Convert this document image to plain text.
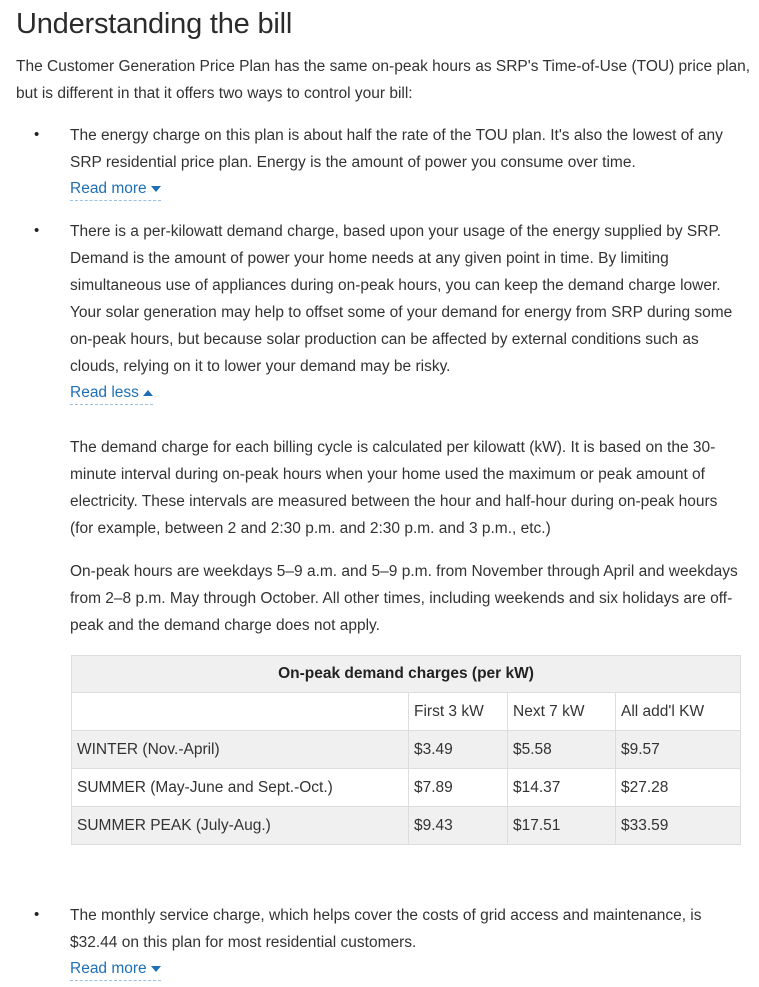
Understanding the bill

The Customer Generation Price Plan has the same on-peak hours as SRP's Time-of-Use (TOU) price plan, but is different in that it offers two ways to control your bill:

• The energy charge on this plan is about half the rate of the TOU plan. It's also the lowest of any SRP residential price plan. Energy is the amount of power you consume over time.

Read more
• There is a per-kilowatt demand charge, based upon your usage of the energy supplied by SRP. Demand is the amount of power your home needs at any given point in time. By limiting simultaneous use of appliances during on-peak hours, you can keep the demand charge lower. Your solar generation may help to offset some of your demand for energy from SRP during some on-peak hours, but because solar production can be affected by external conditions such as clouds, relying on it to lower your demand may be risky.

Read less

The demand charge for each billing cycle is calculated per kilowatt (kW). It is based on the 30-minute interval during on-peak hours when your home used the maximum or peak amount of electricity. These intervals are measured between the hour and half-hour during on-peak hours (for example, between 2 and 2:30 p.m. and 2:30 p.m. and 3 p.m., etc.)

On-peak hours are weekdays 5–9 a.m. and 5–9 p.m. from November through April and weekdays from 2–8 p.m. May through October. All other times, including weekends and six holidays are off-peak and the demand charge does not apply.

On-peak demand charges (per kW)			
	First 3 kW	Next 7 kW	All add'l KW
WINTER (Nov.-April)	$3.49	$5.58	$9.57
SUMMER (May-June and Sept.-Oct.)	$7.89	$14.37	$27.28
SUMMER PEAK (July-Aug.)	$9.43	$17.51	$33.59
• The monthly service charge, which helps cover the costs of grid access and maintenance, is $32.44 on this plan for most residential customers.

Read more
